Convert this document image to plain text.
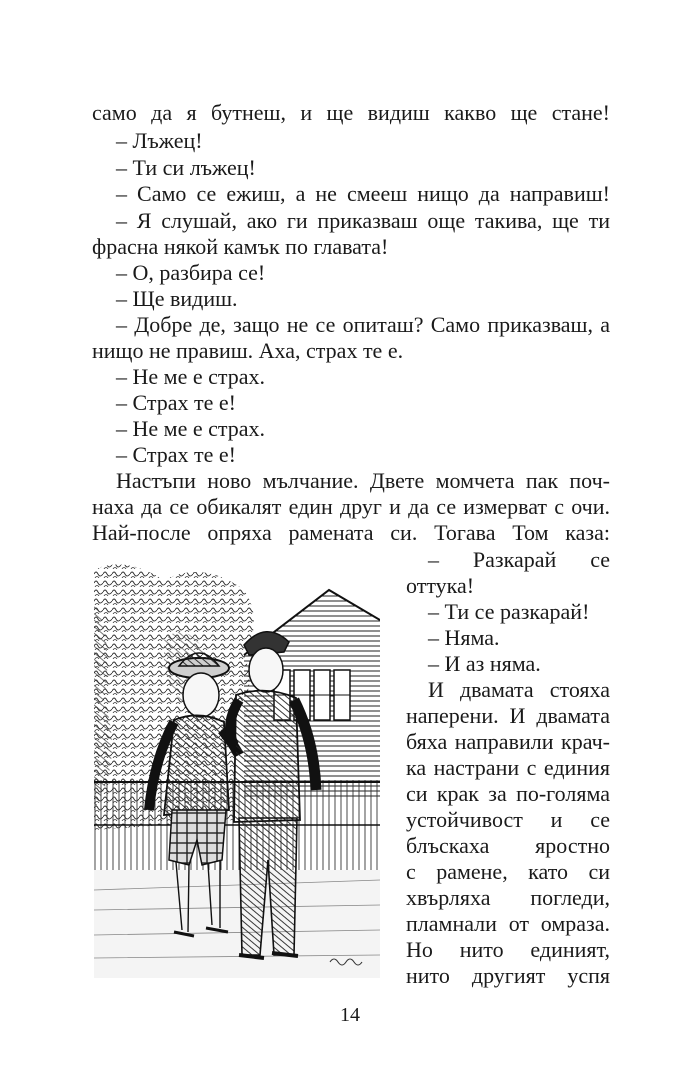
само да я бутнеш, и ще видиш какво ще стане!
– Лъжец!
– Ти си лъжец!
– Само се ежиш, а не смееш нищо да направиш!
– Я слушай, ако ги приказваш още такива, ще ти
фрасна някой камък по главата!
– О, разбира се!
– Ще видиш.
– Добре де, защо не се опиташ? Само приказваш, а
нищо не правиш. Аха, страх те е.
– Не ме е страх.
– Страх те е!
– Не ме е страх.
– Страх те е!
Настъпи ново мълчание. Двете момчета пак поч-
наха да се обикалят един друг и да се измерват с очи.
Най-после опряха рамената си. Тогава Том каза:
– Разкарай се
оттука!
– Ти се разкарай!
– Няма.
– И аз няма.
И двамата стояха
наперени. И двамата
бяха направили крач-
ка настрани с единия
си крак за по-голяма
устойчивост и се
блъскаха яростно
с рамене, като си
хвърляха погледи,
пламнали от омраза.
Но нито единият,
нито другият успя
14
